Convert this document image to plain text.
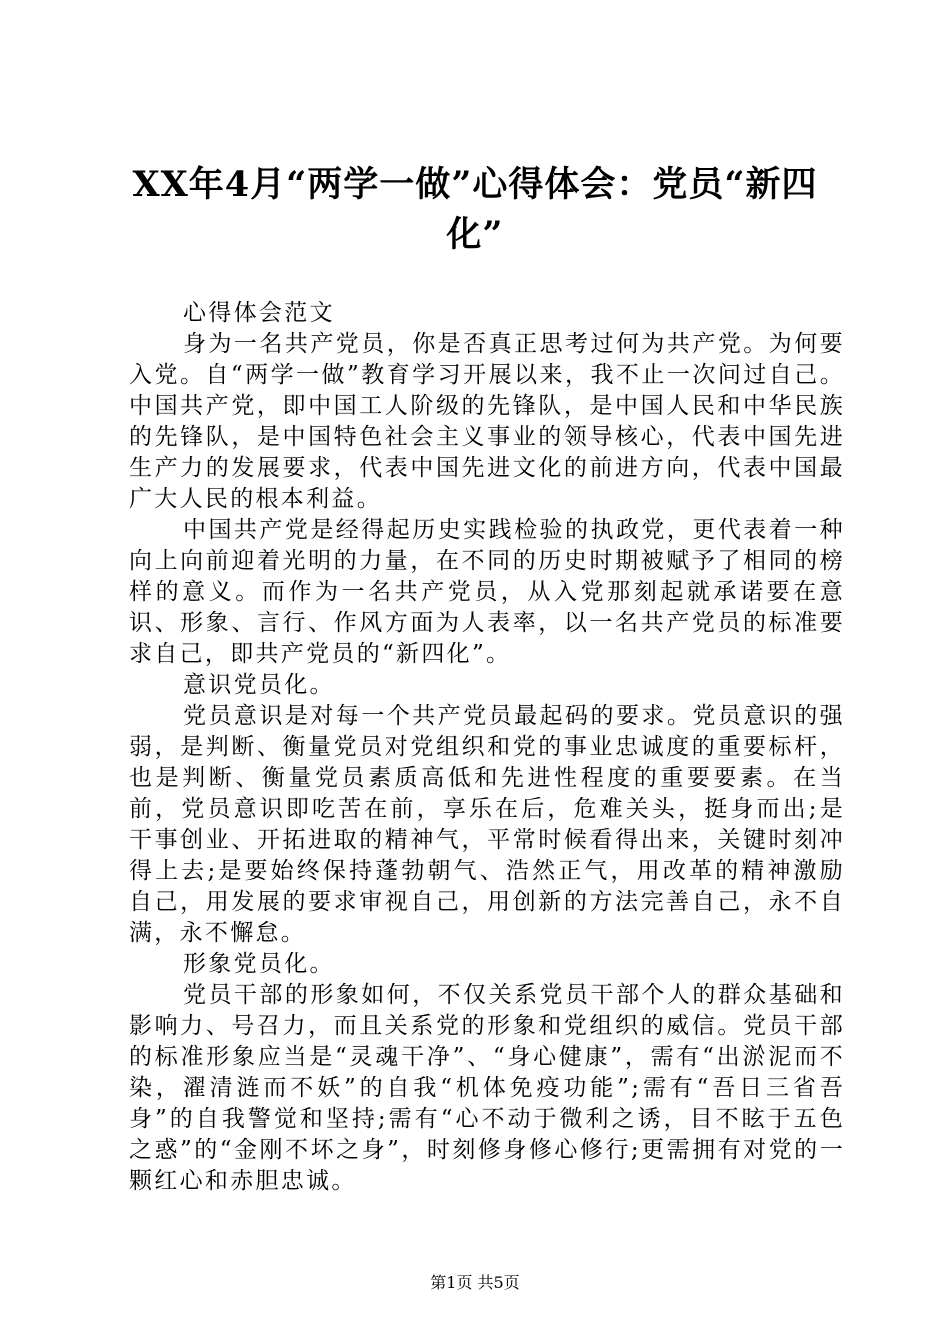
XX年4月“两学一做”心得体会：党员“新四化”

心得体会范文

身为一名共产党员，你是否真正思考过何为共产党。为何要入党。自“两学一做”教育学习开展以来，我不止一次问过自己。中国共产党，即中国工人阶级的先锋队，是中国人民和中华民族的先锋队，是中国特色社会主义事业的领导核心，代表中国先进生产力的发展要求，代表中国先进文化的前进方向，代表中国最广大人民的根本利益。

中国共产党是经得起历史实践检验的执政党，更代表着一种向上向前迎着光明的力量，在不同的历史时期被赋予了相同的榜样的意义。而作为一名共产党员，从入党那刻起就承诺要在意识、形象、言行、作风方面为人表率，以一名共产党员的标准要求自己，即共产党员的“新四化”。

意识党员化。

党员意识是对每一个共产党员最起码的要求。党员意识的强弱，是判断、衡量党员对党组织和党的事业忠诚度的重要标杆，也是判断、衡量党员素质高低和先进性程度的重要要素。在当前，党员意识即吃苦在前，享乐在后，危难关头，挺身而出;是干事创业、开拓进取的精神气，平常时候看得出来，关键时刻冲得上去;是要始终保持蓬勃朝气、浩然正气，用改革的精神激励自己，用发展的要求审视自己，用创新的方法完善自己，永不自满，永不懈怠。

形象党员化。

党员干部的形象如何，不仅关系党员干部个人的群众基础和影响力、号召力，而且关系党的形象和党组织的威信。党员干部的标准形象应当是“灵魂干净”、“身心健康”，需有“出淤泥而不染，濯清涟而不妖”的自我“机体免疫功能”;需有“吾日三省吾身”的自我警觉和坚持;需有“心不动于微利之诱，目不眩于五色之惑”的“金刚不坏之身”，时刻修身修心修行;更需拥有对党的一颗红心和赤胆忠诚。

第1页 共5页
